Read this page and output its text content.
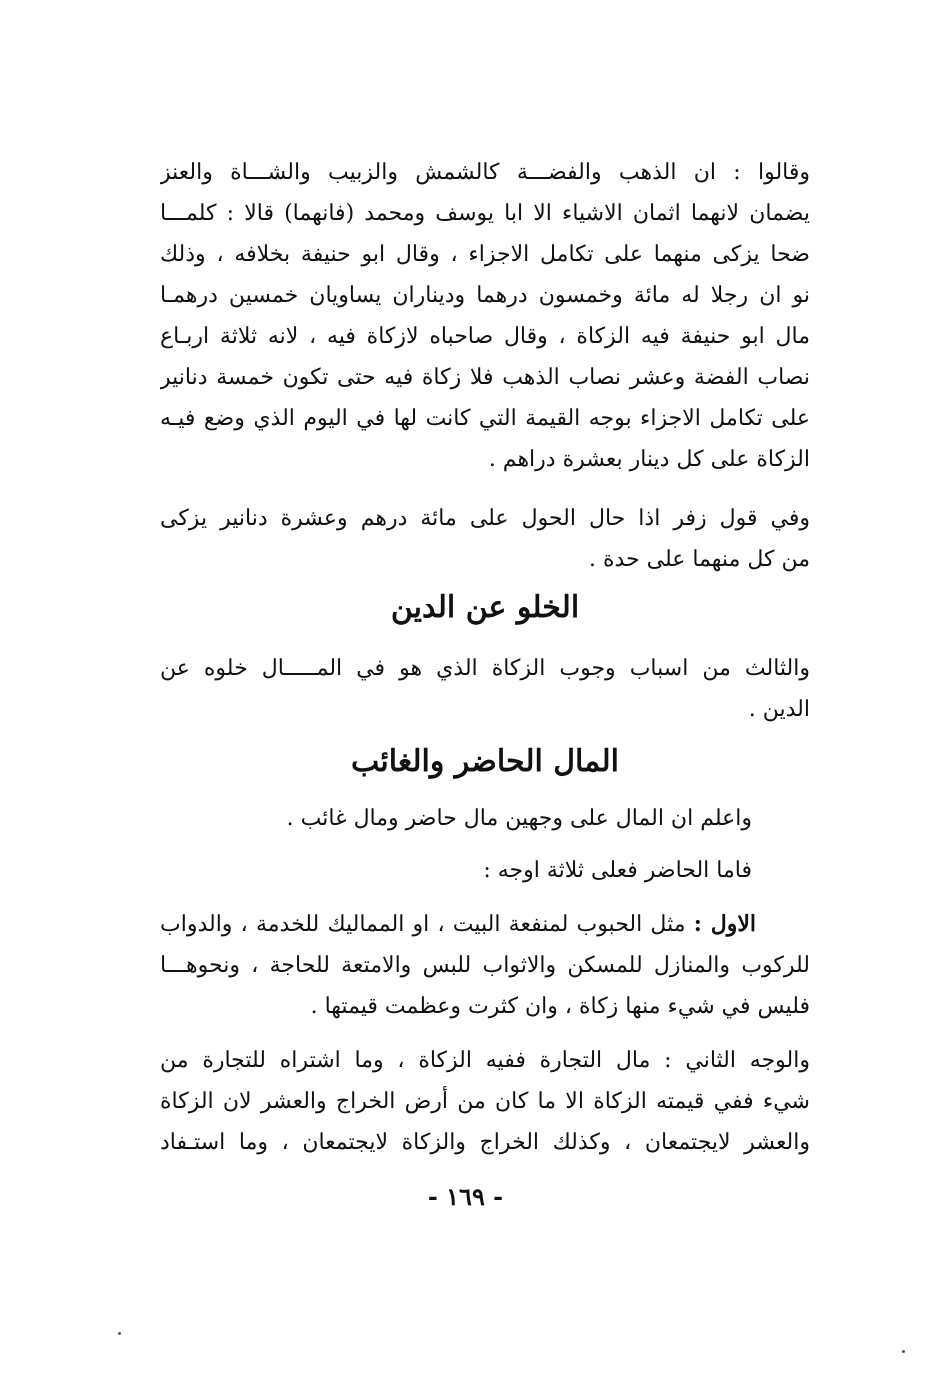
وقالوا : ان الذهب والفضـــة كالشمش والزبيب والشـــاة والعنز
يضمان لانهما اثمان الاشياء الا ابا يوسف ومحمد (فانهما) قالا : كلمـــا
ضحا يزكى منهما على تكامل الاجزاء ، وقال ابو حنيفة بخلافه ، وذلك
نو ان رجلا له مائة وخمسون درهما وديناران يساويان خمسين درهمـا
مال ابو حنيفة فيه الزكاة ، وقال صاحباه لازكاة فيه ، لانه ثلاثة اربـاع
نصاب الفضة وعشر نصاب الذهب فلا زكاة فيه حتى تكون خمسة دنانير
على تكامل الاجزاء بوجه القيمة التي كانت لها في اليوم الذي وضع فيـه
الزكاة على كل دينار بعشرة دراهم .
وفي قول زفر اذا حال الحول على مائة درهم وعشرة دنانير يزكى
من كل منهما على حدة .
الخلو عن الدين
والثالث من اسباب وجوب الزكاة الذي هو في المـــــال خلوه عن
الدين .
المال الحاضر والغائب
واعلم ان المال على وجهين مال حاضر ومال غائب .
فاما الحاضر فعلى ثلاثة اوجه :
الاول : مثل الحبوب لمنفعة البيت ، او المماليك للخدمة ، والدواب
للركوب والمنازل للمسكن والاثواب للبس والامتعة للحاجة ، ونحوهـــا
فليس في شيء منها زكاة ، وان كثرت وعظمت قيمتها .
والوجه الثاني : مال التجارة ففيه الزكاة ، وما اشتراه للتجارة من
شيء ففي قيمته الزكاة الا ما كان من أرض الخراج والعشر لان الزكاة
والعشر لايجتمعان ، وكذلك الخراج والزكاة لايجتمعان ، وما استـفاد
- ١٦٩ -
